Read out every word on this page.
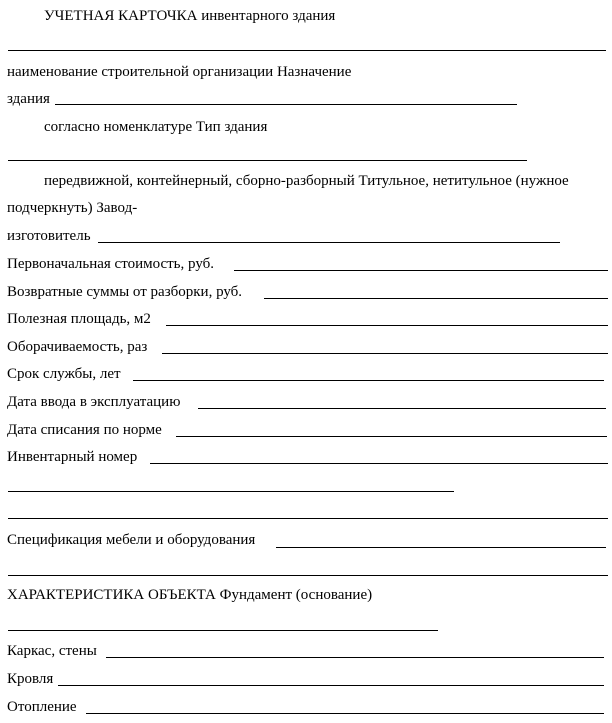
УЧЕТНАЯ КАРТОЧКА инвентарного здания
наименование строительной организации Назначение
здания
согласно номенклатуре Тип здания
передвижной, контейнерный, сборно-разборный Титульное, нетитульное (нужное
подчеркнуть) Завод-
изготовитель
Первоначальная стоимость, руб.
Возвратные суммы от разборки, руб.
Полезная площадь, м2
Оборачиваемость, раз
Срок службы, лет
Дата ввода в эксплуатацию
Дата списания по норме
Инвентарный номер
Спецификация мебели и оборудования
ХАРАКТЕРИСТИКА ОБЪЕКТА Фундамент (основание)
Каркас, стены
Кровля
Отопление
